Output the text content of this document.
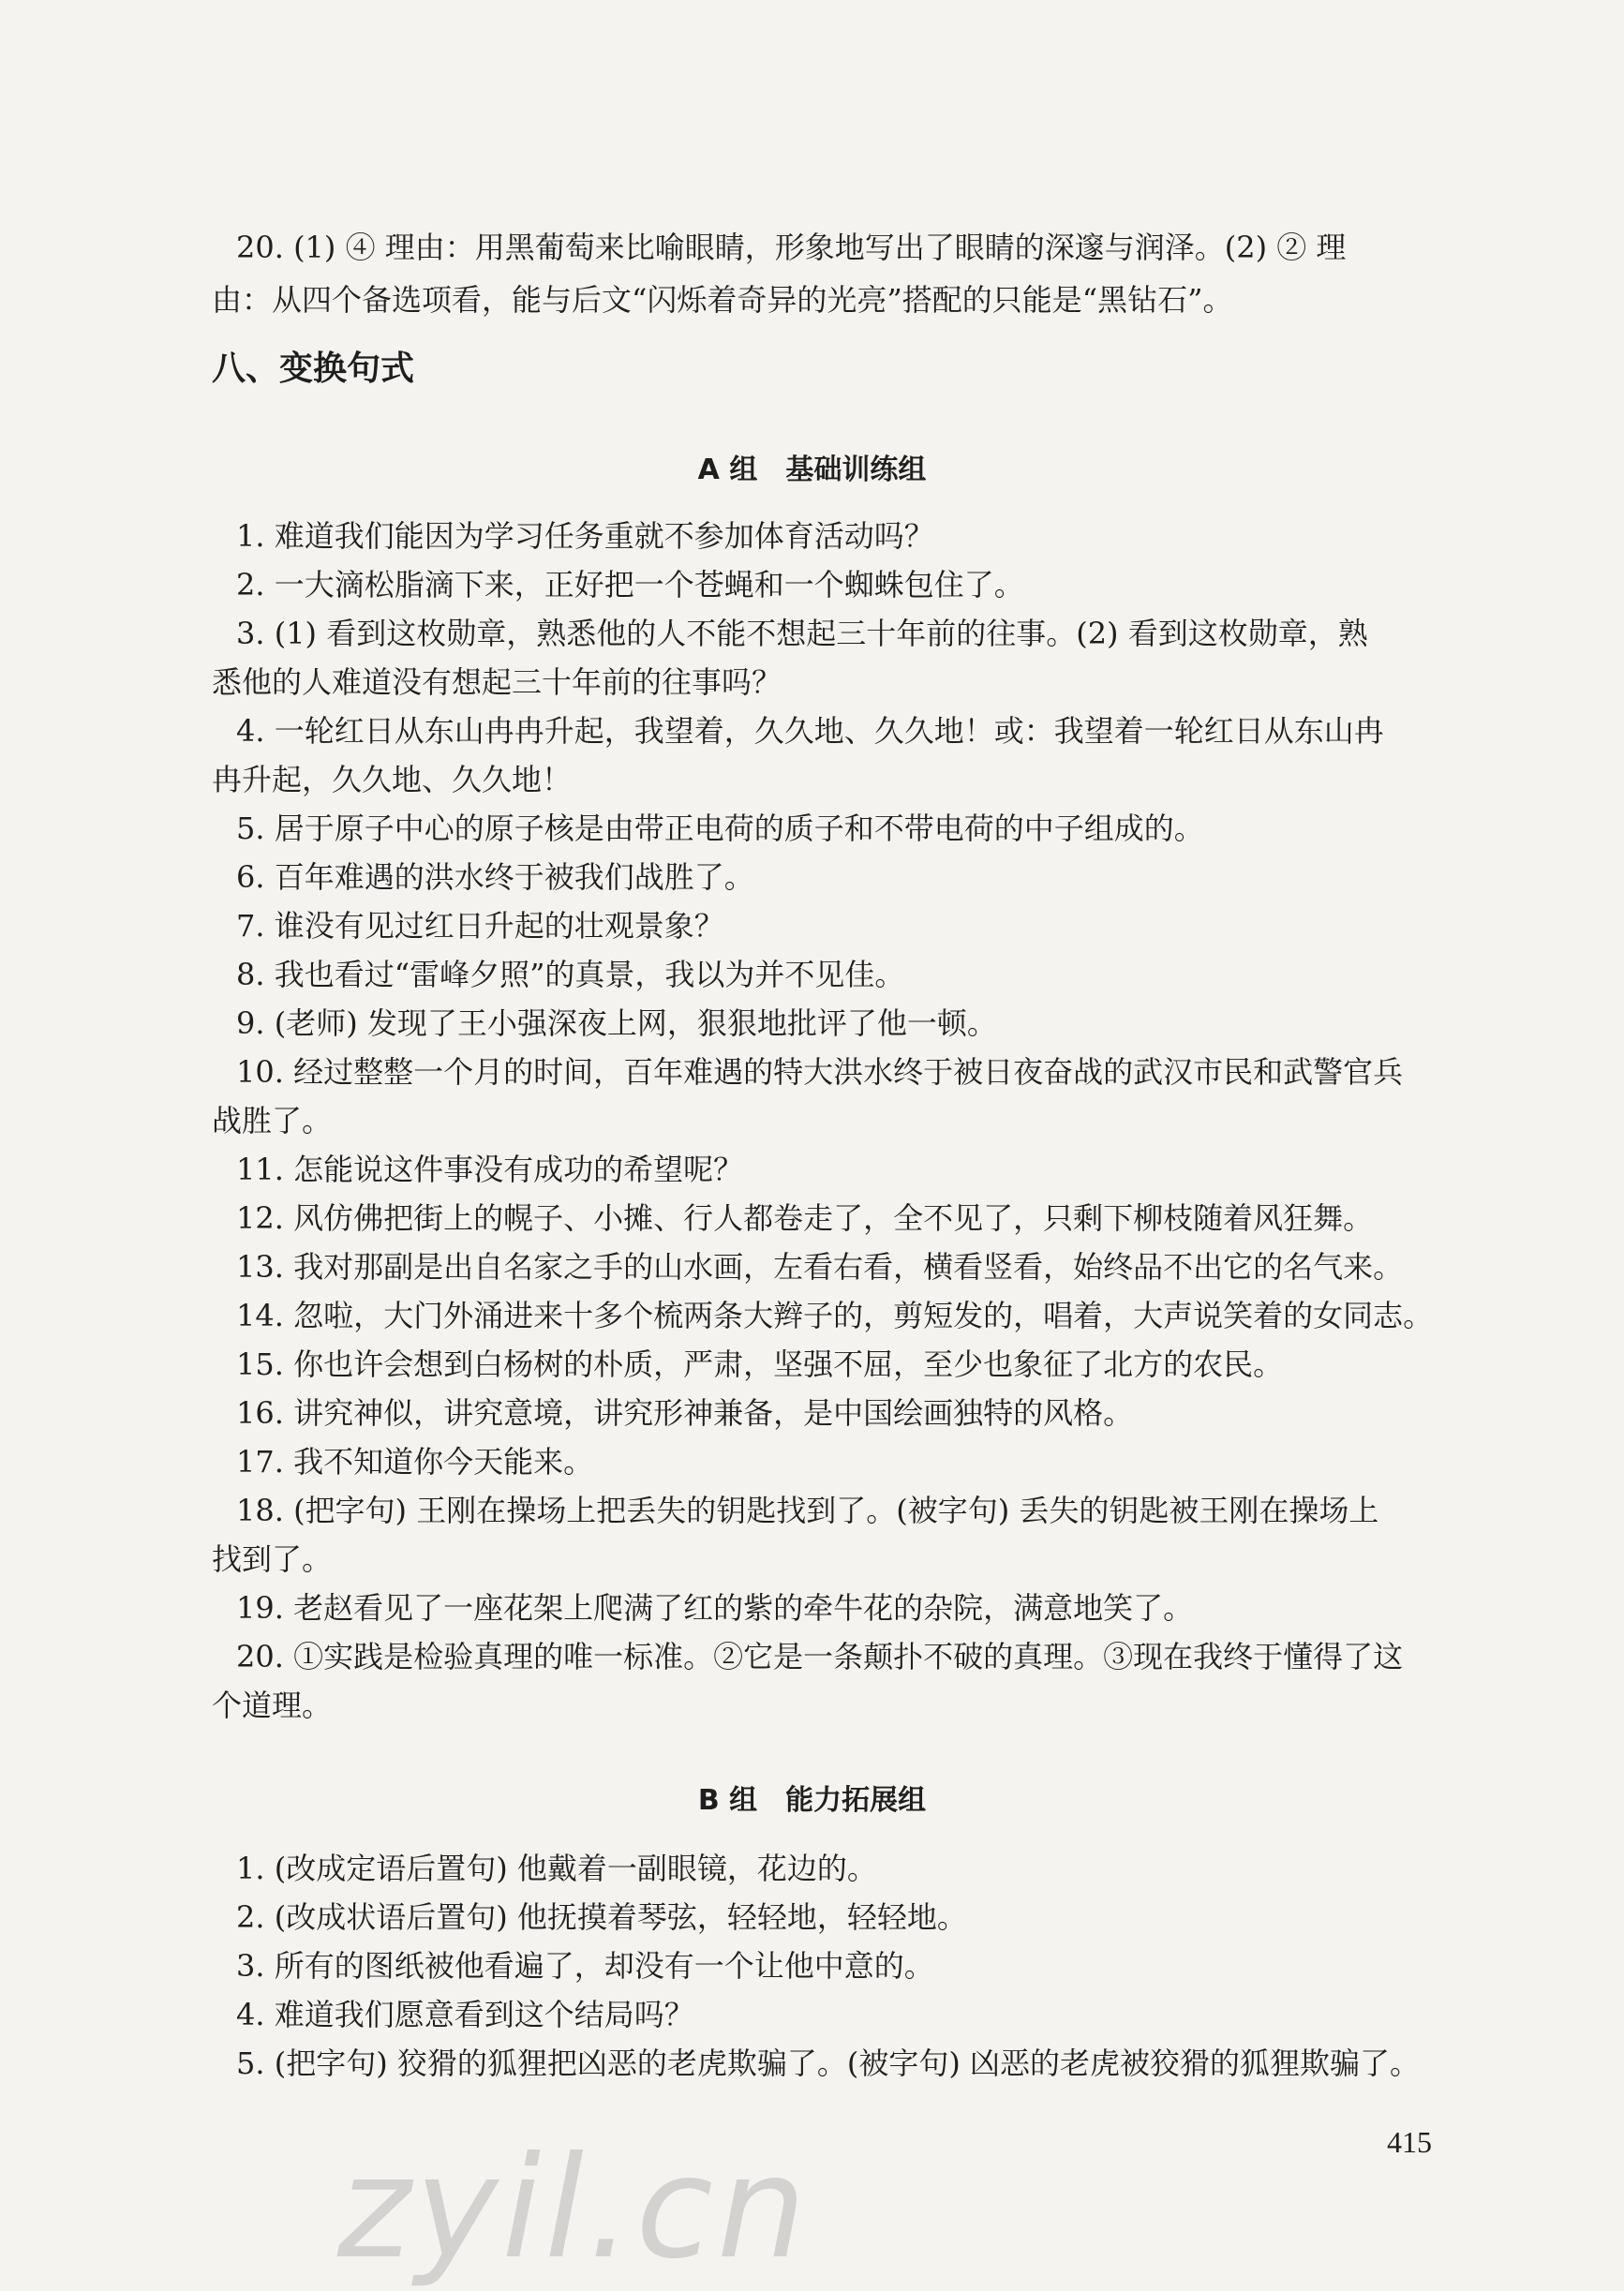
20. (1) ④ 理由：用黑葡萄来比喻眼睛，形象地写出了眼睛的深邃与润泽。(2) ② 理
由：从四个备选项看，能与后文“闪烁着奇异的光亮”搭配的只能是“黑钻石”。
八、变换句式
A 组　基础训练组
1. 难道我们能因为学习任务重就不参加体育活动吗？
2. 一大滴松脂滴下来，正好把一个苍蝇和一个蜘蛛包住了。
3. (1) 看到这枚勋章，熟悉他的人不能不想起三十年前的往事。(2) 看到这枚勋章，熟
悉他的人难道没有想起三十年前的往事吗？
4. 一轮红日从东山冉冉升起，我望着，久久地、久久地！或：我望着一轮红日从东山冉
冉升起，久久地、久久地！
5. 居于原子中心的原子核是由带正电荷的质子和不带电荷的中子组成的。
6. 百年难遇的洪水终于被我们战胜了。
7. 谁没有见过红日升起的壮观景象？
8. 我也看过“雷峰夕照”的真景，我以为并不见佳。
9. (老师) 发现了王小强深夜上网，狠狠地批评了他一顿。
10. 经过整整一个月的时间，百年难遇的特大洪水终于被日夜奋战的武汉市民和武警官兵
战胜了。
11. 怎能说这件事没有成功的希望呢？
12. 风仿佛把街上的幌子、小摊、行人都卷走了，全不见了，只剩下柳枝随着风狂舞。
13. 我对那副是出自名家之手的山水画，左看右看，横看竖看，始终品不出它的名气来。
14. 忽啦，大门外涌进来十多个梳两条大辫子的，剪短发的，唱着，大声说笑着的女同志。
15. 你也许会想到白杨树的朴质，严肃，坚强不屈，至少也象征了北方的农民。
16. 讲究神似，讲究意境，讲究形神兼备，是中国绘画独特的风格。
17. 我不知道你今天能来。
18. (把字句) 王刚在操场上把丢失的钥匙找到了。(被字句) 丢失的钥匙被王刚在操场上
找到了。
19. 老赵看见了一座花架上爬满了红的紫的牵牛花的杂院，满意地笑了。
20. ①实践是检验真理的唯一标准。②它是一条颠扑不破的真理。③现在我终于懂得了这
个道理。
B 组　能力拓展组
1. (改成定语后置句) 他戴着一副眼镜，花边的。
2. (改成状语后置句) 他抚摸着琴弦，轻轻地，轻轻地。
3. 所有的图纸被他看遍了，却没有一个让他中意的。
4. 难道我们愿意看到这个结局吗？
5. (把字句) 狡猾的狐狸把凶恶的老虎欺骗了。(被字句) 凶恶的老虎被狡猾的狐狸欺骗了。
415
zyil.cn
